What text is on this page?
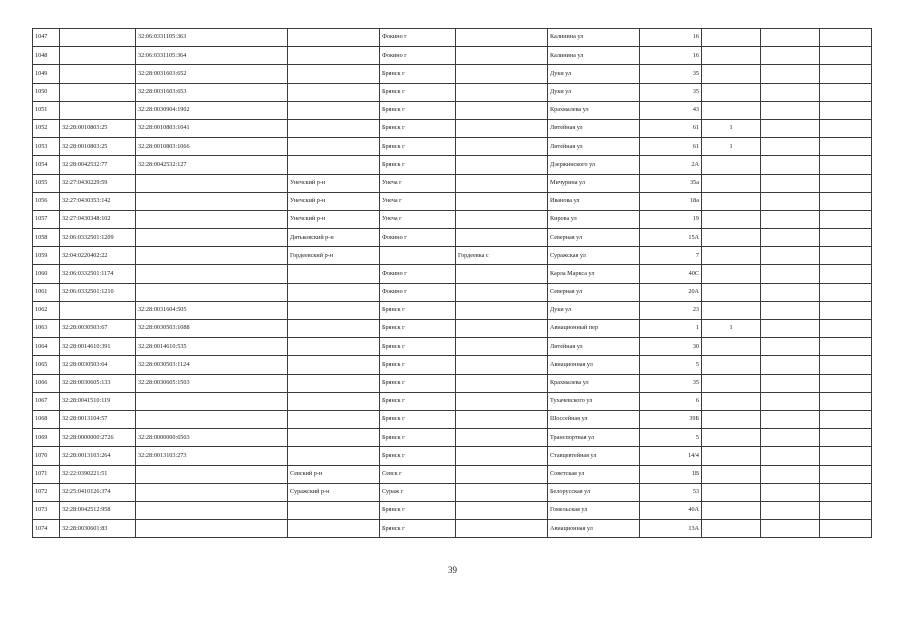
1047		32:06:0331105:363		Фокино г		Калинина ул	16			
1048		32:06:0331105:364		Фокино г		Калинина ул	16			
1049		32:28:0031603:652		Брянск г		Дуки ул	35			
1050		32:28:0031603:653		Брянск г		Дуки ул	35			
1051		32:28:0030904:1902		Брянск г		Крахмалева ул	43			
1052	32:28:0010803:25	32:28:0010803:1041		Брянск г		Литейная ул	61	1		
1053	32:28:0010803:25	32:28:0010803:1066		Брянск г		Литейная ул	61	1		
1054	32:28:0042532:77	32:28:0042532:127		Брянск г		Дзержинского ул	2А			
1055	32:27:0430229:59		Унечский р-н	Унеча г		Мичурина ул	35а			
1056	32:27:0430353:142		Унечский р-н	Унеча г		Иванова ул	18а			
1057	32:27:0430348:102		Унечский р-н	Унеча г		Кирова ул	19			
1058	32:06:0332501:1209		Дятьковский р-н	Фокино г		Северная ул	15А			
1059	32:04:0220402:22		Гордеевский р-н		Гордеевка с	Суражская ул	7			
1060	32:06:0332501:1174			Фокино г		Карла Маркса ул	40С			
1061	32:06:0332501:1210			Фокино г		Северная ул	20А			
1062		32:28:0031604:505		Брянск г		Дуки ул	23			
1063	32:28:0030503:67	32:28:0030503:1088		Брянск г		Авиационный пер	1	1		
1064	32:28:0014610:391	32:28:0014610:535		Брянск г		Литейная ул	30			
1065	32:28:0030503:64	32:28:0030503:1124		Брянск г		Авиационная ул	5			
1066	32:28:0030605:133	32:28:0030605:1503		Брянск г		Крахмалева ул	35			
1067	32:28:0041510:119			Брянск г		Тухачевского ул	6			
1068	32:28:0013104:57			Брянск г		Шоссейная ул	39Б			
1069	32:28:0000000:2726	32:28:0000000:6503		Брянск г		Транспортная ул	5			
1070	32:28:0013103:264	32:28:0013103:273		Брянск г		Ставцевтейная ул	14/4			
1071	32:22:0390221:51		Севский р-н	Севск г		Советская ул	1В			
1072	32:25:0410126:374		Суражский р-н	Сураж г		Белорусская ул	53			
1073	32:28:0042512:958			Брянск г		Гомельская ул	40А			
1074	32:28:0030601:83			Брянск г		Авиационная ул	13А			
39
